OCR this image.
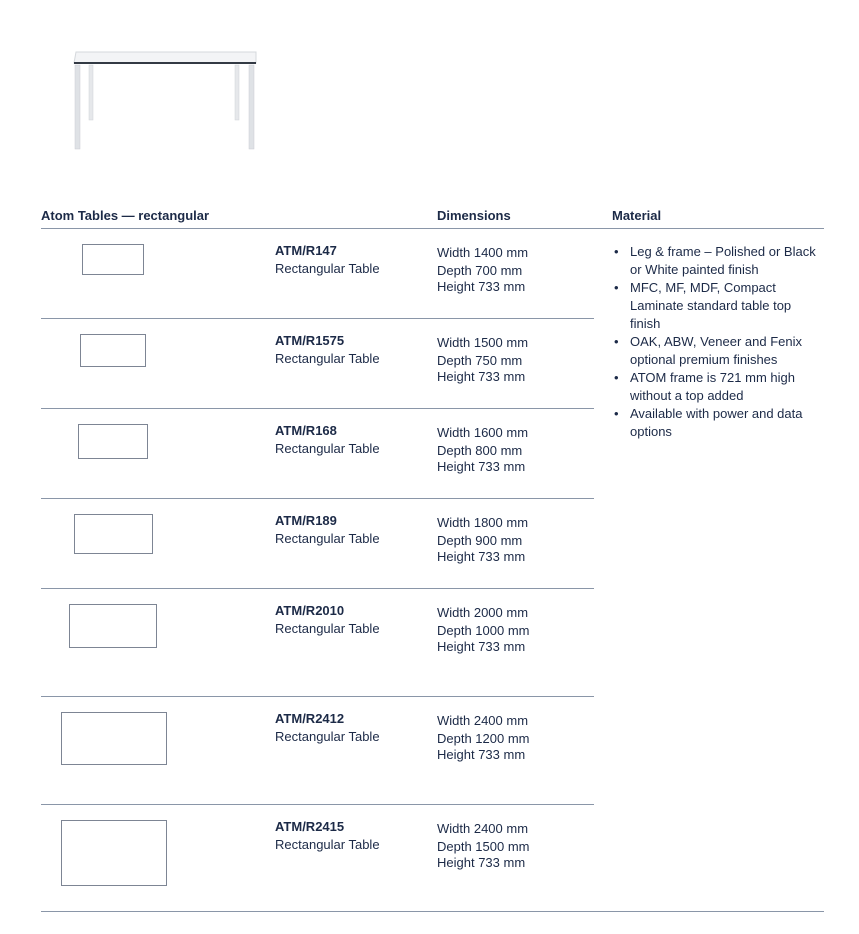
Atom Tables — rectangular	Dimensions	Material
ATM/R147
Rectangular Table
Width 1400 mm
Depth 700 mm
Height 733 mm
ATM/R1575
Rectangular Table
Width 1500 mm
Depth 750 mm
Height 733 mm
ATM/R168
Rectangular Table
Width 1600 mm
Depth 800 mm
Height 733 mm
ATM/R189
Rectangular Table
Width 1800 mm
Depth 900 mm
Height 733 mm
ATM/R2010
Rectangular Table
Width 2000 mm
Depth 1000 mm
Height 733 mm
ATM/R2412
Rectangular Table
Width 2400 mm
Depth 1200 mm
Height 733 mm
ATM/R2415
Rectangular Table
Width 2400 mm
Depth 1500 mm
Height 733 mm
• Leg & frame – Polished or Black or White painted finish
• MFC, MF, MDF, Compact Laminate standard table top finish
• OAK, ABW, Veneer and Fenix optional premium finishes
• ATOM frame is 721 mm high without a top added
• Available with power and data options
